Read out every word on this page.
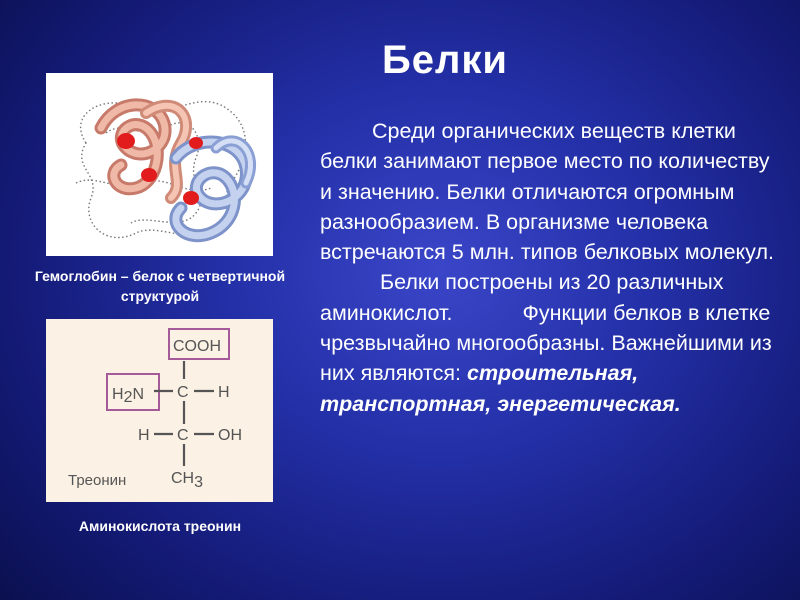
Белки
Гемоглобин – белок с четвертичной структурой
COOH
H2N C H
H C OH
CH3
Треонин
Аминокислота треонин

Среди органических веществ клетки белки занимают первое место по количеству и значению. Белки отличаются огромным разнообразием. В организме человека встречаются 5 млн. типов белковых молекул.Белки построены из 20 различных аминокислот.	Функции белков в клетке чрезвычайно многообразны. Важнейшими из них являются: строительная, транспортная, энергетическая.
